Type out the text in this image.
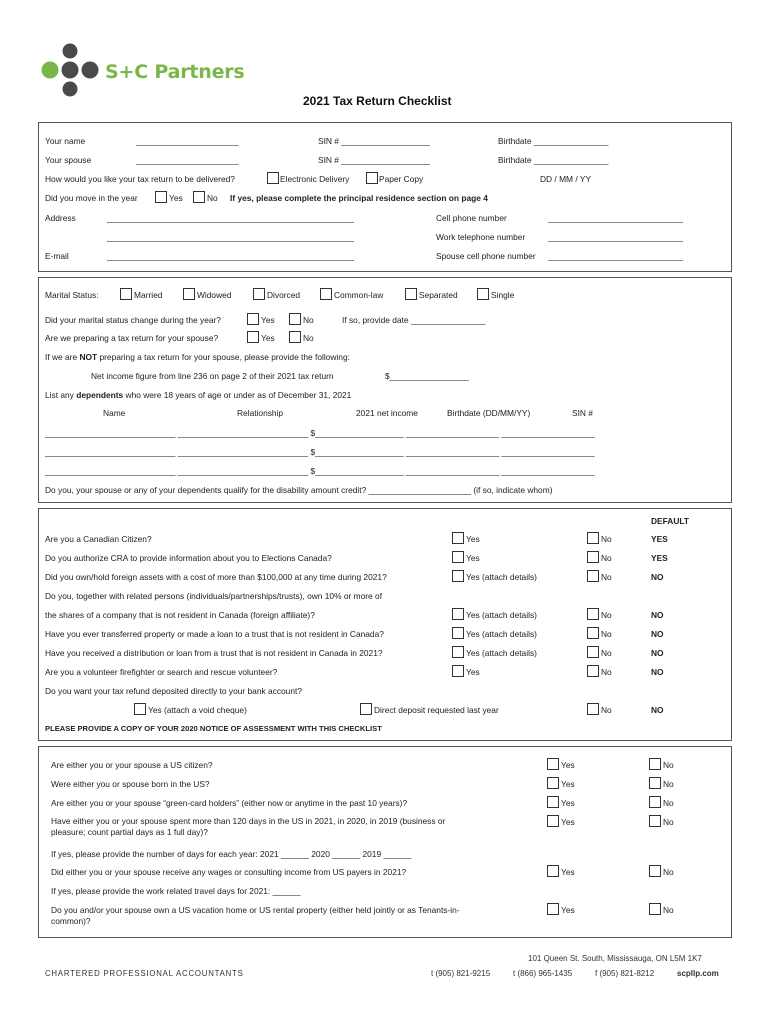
S+C Partners
2021 Tax Return Checklist
Your name	______________________	SIN # ___________________	Birthdate ________________
Your spouse	______________________	SIN # ___________________	Birthdate ________________
How would you like your tax return to be delivered?	Electronic Delivery	Paper Copy	DD / MM / YY
Did you move in the year	Yes	No If yes, please complete the principal residence section on page 4
Address	_____________________________________________________	Cell phone number	_____________________________
_____________________________________________________	Work telephone number	_____________________________
E-mail	_____________________________________________________	Spouse cell phone number _____________________________
Marital Status:	Married	Widowed	Divorced	Common-law	Separated	Single
Did your marital status change during the year?	Yes	No	If so, provide date ________________
Are we preparing a tax return for your spouse?	Yes	No
If we are NOT preparing a tax return for your spouse, please provide the following:
Net income figure from line 236 on page 2 of their 2021 tax return	$_________________
List any dependents who were 18 years of age or under as of December 31, 2021
Name	Relationship	2021 net income	Birthdate (DD/MM/YY)	SIN #
____________________________ ____________________________ $___________________ ____________________ ____________________
____________________________ ____________________________ $___________________ ____________________ ____________________
____________________________ ____________________________ $___________________ ____________________ ____________________
Do you, your spouse or any of your dependents qualify for the disability amount credit? ______________________ (if so, indicate whom)
DEFAULT
Are you a Canadian Citizen?	Yes	No	YES
Do you authorize CRA to provide information about you to Elections Canada?	Yes	No	YES
Did you own/hold foreign assets with a cost of more than $100,000 at any time during 2021?	Yes (attach details)	No	NO
Do you, together with related persons (individuals/partnerships/trusts), own 10% or more of
the shares of a company that is not resident in Canada (foreign affiliate)?	Yes (attach details)	No	NO
Have you ever transferred property or made a loan to a trust that is not resident in Canada?	Yes (attach details)	No	NO
Have you received a distribution or loan from a trust that is not resident in Canada in 2021?	Yes (attach details)	No	NO
Are you a volunteer firefighter or search and rescue volunteer?	Yes	No	NO
Do you want your tax refund deposited directly to your bank account?
Yes (attach a void cheque)	Direct deposit requested last year	No	NO
PLEASE PROVIDE A COPY OF YOUR 2020 NOTICE OF ASSESSMENT WITH THIS CHECKLIST
Are either you or your spouse a US citizen?	Yes	No
Were either you or spouse born in the US?	Yes	No
Are either you or your spouse “green-card holders” (either now or anytime in the past 10 years)?	Yes	No
Have either you or your spouse spent more than 120 days in the US in 2021, in 2020, in 2019 (business or pleasure; count partial days as 1 full day)?
Yes	No
If yes, please provide the number of days for each year: 2021 ______ 2020 ______ 2019 ______
Did either you or your spouse receive any wages or consulting income from US payers in 2021?	Yes	No
If yes, please provide the work related travel days for 2021: ______
Do you and/or your spouse own a US vacation home or US rental property (either held jointly or as Tenants-in-common)?
Yes	No
101 Queen St. South, Mississauga, ON L5M 1K7
CHARTERED PROFESSIONAL ACCOUNTANTS	t (905) 821-9215	t (866) 965-1435	f (905) 821-8212	scpllp.com
